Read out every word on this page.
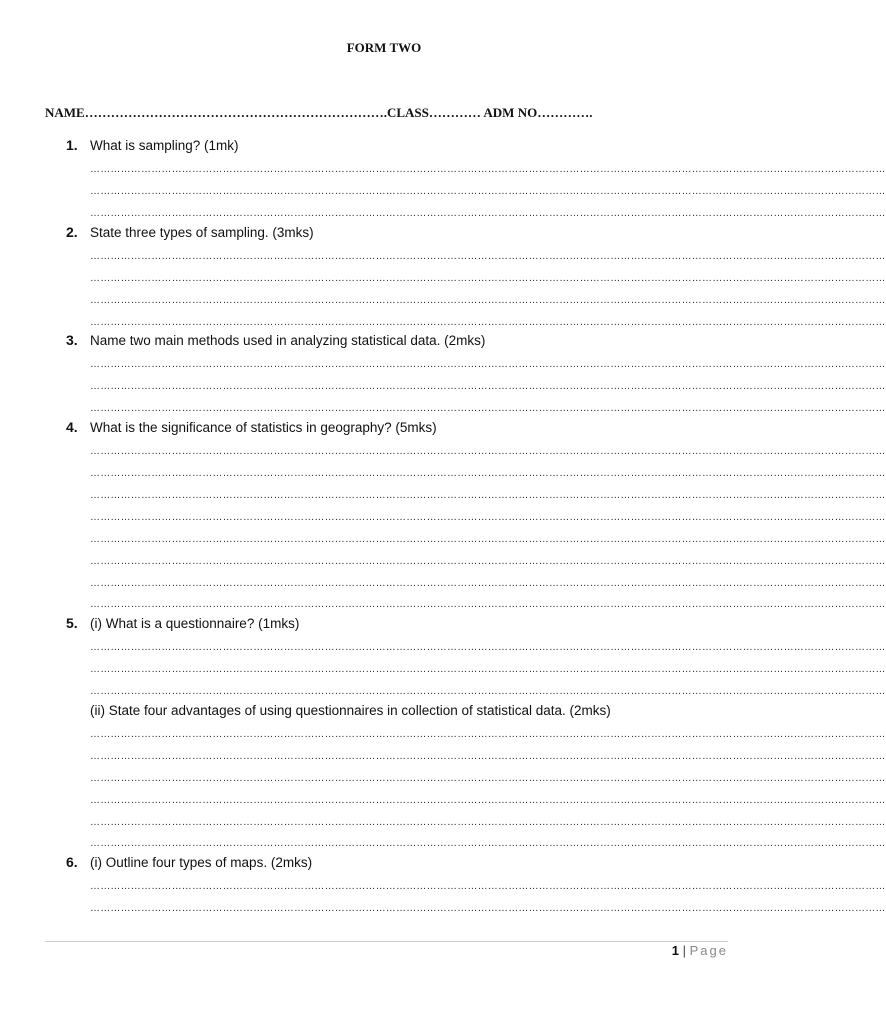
FORM TWO
NAME…………………………………………………………….CLASS………… ADM NO………….
1. What is sampling? (1mk)
………………………………………………………………………………………………………………………………………………………………………………………………………………
………………………………………………………………………………………………………………………………………………………………………………………………………………
………………………………………………………………………………………………………………………………………………………………………………………………………………
2. State three types of sampling. (3mks)
………………………………………………………………………………………………………………………………………………………………………………………………………………
………………………………………………………………………………………………………………………………………………………………………………………………………………
………………………………………………………………………………………………………………………………………………………………………………………………………………
………………………………………………………………………………………………………………………………………………………………………………………………………………
3. Name two main methods used in analyzing statistical data. (2mks)
………………………………………………………………………………………………………………………………………………………………………………………………………………
………………………………………………………………………………………………………………………………………………………………………………………………………………
………………………………………………………………………………………………………………………………………………………………………………………………………………
4. What is the significance of statistics in geography? (5mks)
………………………………………………………………………………………………………………………………………………………………………………………………………………
………………………………………………………………………………………………………………………………………………………………………………………………………………
………………………………………………………………………………………………………………………………………………………………………………………………………………
………………………………………………………………………………………………………………………………………………………………………………………………………………
………………………………………………………………………………………………………………………………………………………………………………………………………………
………………………………………………………………………………………………………………………………………………………………………………………………………………
………………………………………………………………………………………………………………………………………………………………………………………………………………
………………………………………………………………………………………………………………………………………………………………………………………………………………
5. (i) What is a questionnaire? (1mks)
………………………………………………………………………………………………………………………………………………………………………………………………………………
………………………………………………………………………………………………………………………………………………………………………………………………………………
………………………………………………………………………………………………………………………………………………………………………………………………………………
(ii) State four advantages of using questionnaires in collection of statistical data. (2mks)
………………………………………………………………………………………………………………………………………………………………………………………………………………
………………………………………………………………………………………………………………………………………………………………………………………………………………
………………………………………………………………………………………………………………………………………………………………………………………………………………
………………………………………………………………………………………………………………………………………………………………………………………………………………
………………………………………………………………………………………………………………………………………………………………………………………………………………
………………………………………………………………………………………………………………………………………………………………………………………………………………
6. (i) Outline four types of maps. (2mks)
………………………………………………………………………………………………………………………………………………………………………………………………………………
………………………………………………………………………………………………………………………………………………………………………………………………………………
1 | Page
